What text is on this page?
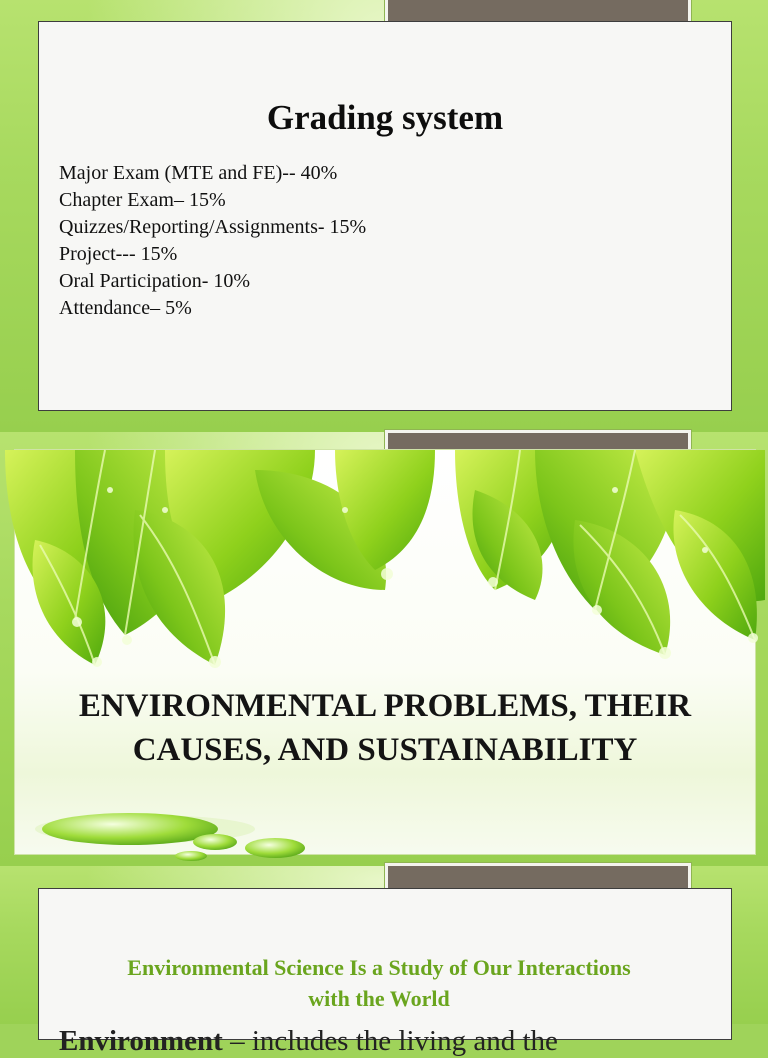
Grading system
Major Exam (MTE and FE)-- 40%
Chapter Exam– 15%
Quizzes/Reporting/Assignments- 15%
Project--- 15%
Oral Participation- 10%
Attendance– 5%
ENVIRONMENTAL PROBLEMS, THEIR
CAUSES, AND SUSTAINABILITY

Environmental Science Is a Study of Our Interactions
with the World

Environment – includes the living and the
